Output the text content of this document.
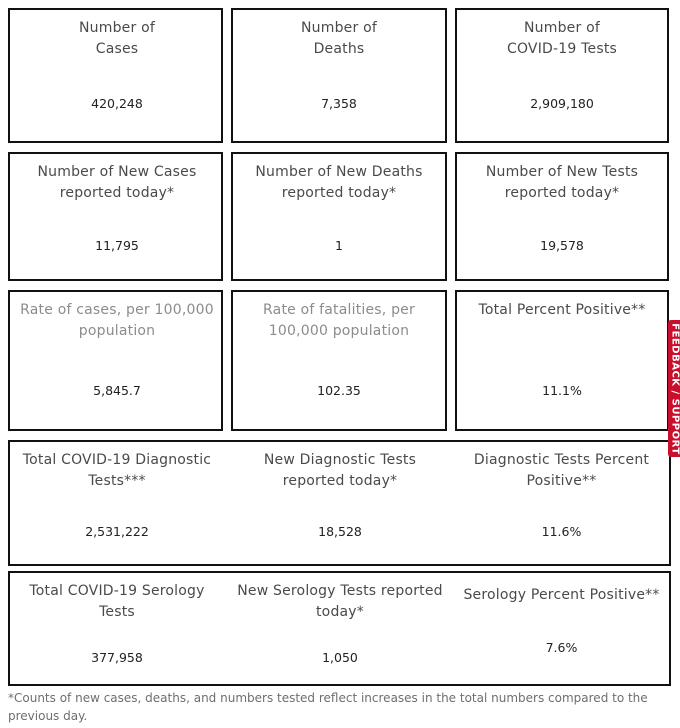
Number of
Cases
420,248
Number of
Deaths
7,358
Number of
COVID-19 Tests
2,909,180
Number of New Cases
reported today*
11,795
Number of New Deaths
reported today*
1
Number of New Tests
reported today*
19,578
Rate of cases, per 100,000
population
5,845.7
Rate of fatalities, per
100,000 population
102.35
Total Percent Positive**
11.1%
Total COVID-19 Diagnostic
Tests***
2,531,222
New Diagnostic Tests
reported today*
18,528
Diagnostic Tests Percent
Positive**
11.6%
Total COVID-19 Serology
Tests
377,958
New Serology Tests reported
today*
1,050
Serology Percent Positive**
7.6%
FEEDBACK / SUPPORT
*Counts of new cases, deaths, and numbers tested reflect increases in the total numbers compared to the previous day.
